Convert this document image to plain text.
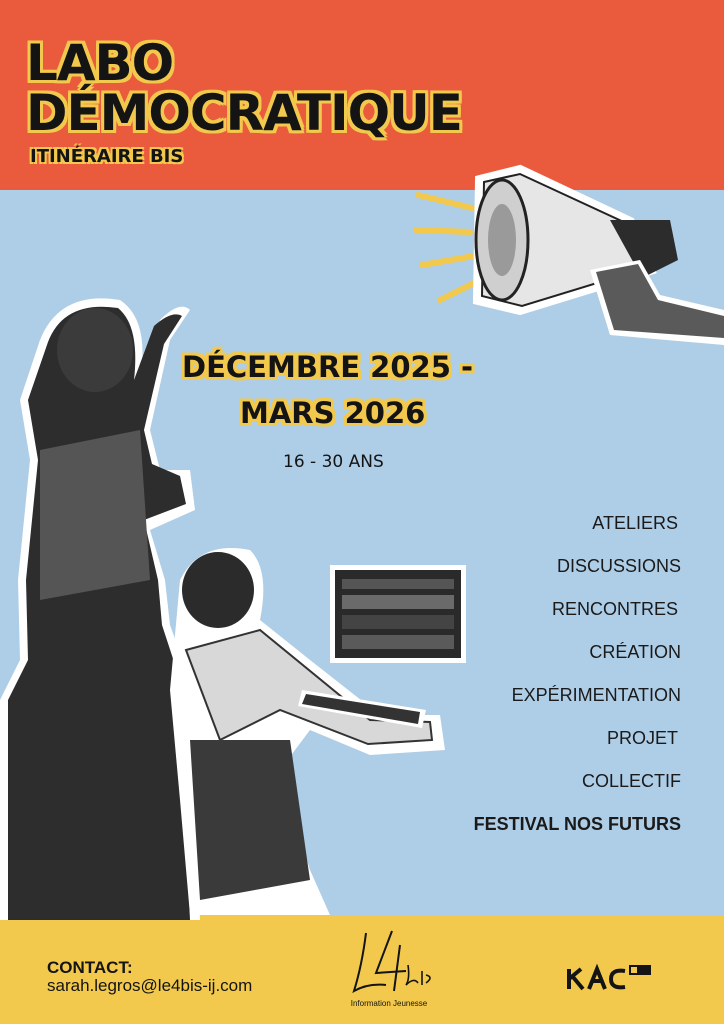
LABO
DÉMOCRATIQUE
ITINÉRAIRE BIS
DÉCEMBRE 2025 -
MARS 2026
16 - 30 ANS
ATELIERS
DISCUSSIONS
RENCONTRES
CRÉATION
EXPÉRIMENTATION
PROJET
COLLECTIF
FESTIVAL NOS FUTURS
CONTACT:
sarah.legros@le4bis-ij.com
Information Jeunesse
